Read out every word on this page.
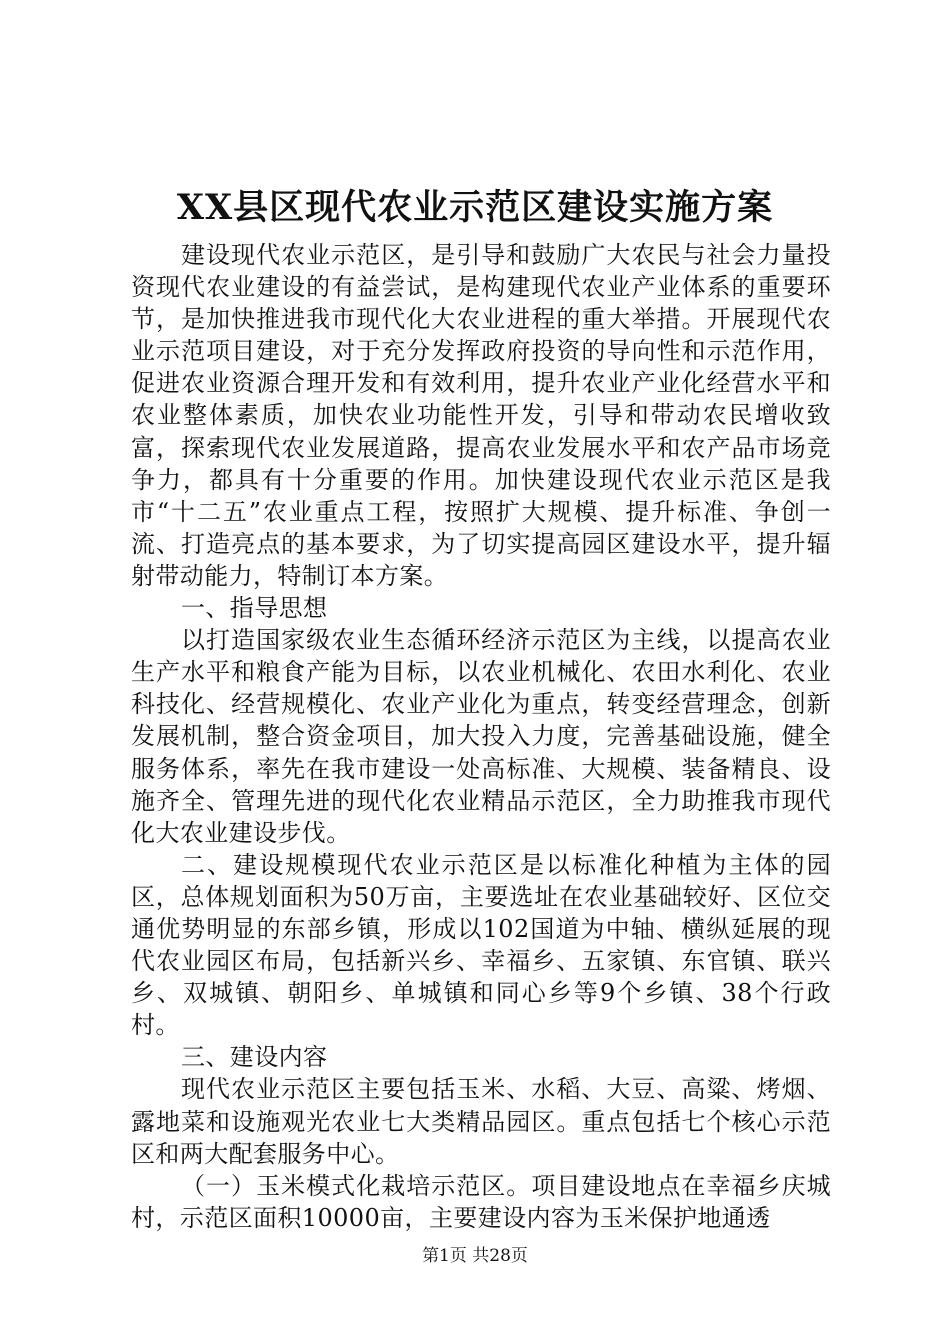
XX县区现代农业示范区建设实施方案

建设现代农业示范区，是引导和鼓励广大农民与社会力量投资现代农业建设的有益尝试，是构建现代农业产业体系的重要环节，是加快推进我市现代化大农业进程的重大举措。开展现代农业示范项目建设，对于充分发挥政府投资的导向性和示范作用，促进农业资源合理开发和有效利用，提升农业产业化经营水平和农业整体素质，加快农业功能性开发，引导和带动农民增收致富，探索现代农业发展道路，提高农业发展水平和农产品市场竞争力，都具有十分重要的作用。加快建设现代农业示范区是我市“十二五”农业重点工程，按照扩大规模、提升标准、争创一流、打造亮点的基本要求，为了切实提高园区建设水平，提升辐射带动能力，特制订本方案。

一、指导思想

以打造国家级农业生态循环经济示范区为主线，以提高农业生产水平和粮食产能为目标，以农业机械化、农田水利化、农业科技化、经营规模化、农业产业化为重点，转变经营理念，创新发展机制，整合资金项目，加大投入力度，完善基础设施，健全服务体系，率先在我市建设一处高标准、大规模、装备精良、设施齐全、管理先进的现代化农业精品示范区，全力助推我市现代化大农业建设步伐。

二、建设规模现代农业示范区是以标准化种植为主体的园区，总体规划面积为50万亩，主要选址在农业基础较好、区位交通优势明显的东部乡镇，形成以102国道为中轴、横纵延展的现代农业园区布局，包括新兴乡、幸福乡、五家镇、东官镇、联兴乡、双城镇、朝阳乡、单城镇和同心乡等9个乡镇、38个行政村。

三、建设内容

现代农业示范区主要包括玉米、水稻、大豆、高粱、烤烟、露地菜和设施观光农业七大类精品园区。重点包括七个核心示范区和两大配套服务中心。

（一）玉米模式化栽培示范区。项目建设地点在幸福乡庆城村，示范区面积10000亩，主要建设内容为玉米保护地通透

第1页 共28页
